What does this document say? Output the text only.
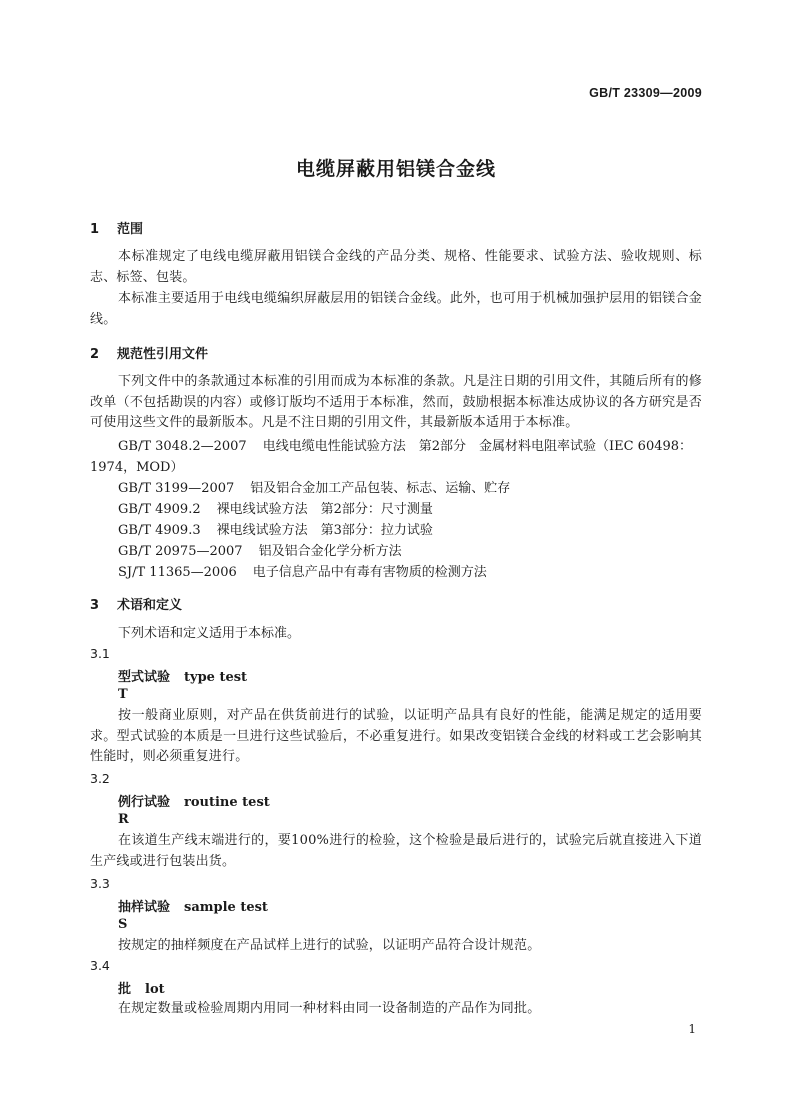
GB/T 23309—2009
电缆屏蔽用铝镁合金线
1 范围
本标准规定了电线电缆屏蔽用铝镁合金线的产品分类、规格、性能要求、试验方法、验收规则、标志、标签、包装。
本标准主要适用于电线电缆编织屏蔽层用的铝镁合金线。此外，也可用于机械加强护层用的铝镁合金线。
2 规范性引用文件
下列文件中的条款通过本标准的引用而成为本标准的条款。凡是注日期的引用文件，其随后所有的修改单（不包括勘误的内容）或修订版均不适用于本标准，然而，鼓励根据本标准达成协议的各方研究是否可使用这些文件的最新版本。凡是不注日期的引用文件，其最新版本适用于本标准。
GB/T 3048.2—2007 电线电缆电性能试验方法　第2部分　金属材料电阻率试验（IEC 60498：
1974，MOD）
GB/T 3199—2007 铝及铝合金加工产品包装、标志、运输、贮存
GB/T 4909.2 裸电线试验方法　第2部分：尺寸测量
GB/T 4909.3 裸电线试验方法　第3部分：拉力试验
GB/T 20975—2007 铝及铝合金化学分析方法
SJ/T 11365—2006 电子信息产品中有毒有害物质的检测方法
3 术语和定义
下列术语和定义适用于本标准。
3.1
型式试验 type test
T
按一般商业原则，对产品在供货前进行的试验，以证明产品具有良好的性能，能满足规定的适用要求。型式试验的本质是一旦进行这些试验后，不必重复进行。如果改变铝镁合金线的材料或工艺会影响其性能时，则必须重复进行。
3.2
例行试验 routine test
R
在该道生产线末端进行的，要100%进行的检验，这个检验是最后进行的，试验完后就直接进入下道生产线或进行包装出货。
3.3
抽样试验 sample test
S
按规定的抽样频度在产品试样上进行的试验，以证明产品符合设计规范。
3.4
批 lot
在规定数量或检验周期内用同一种材料由同一设备制造的产品作为同批。
1
